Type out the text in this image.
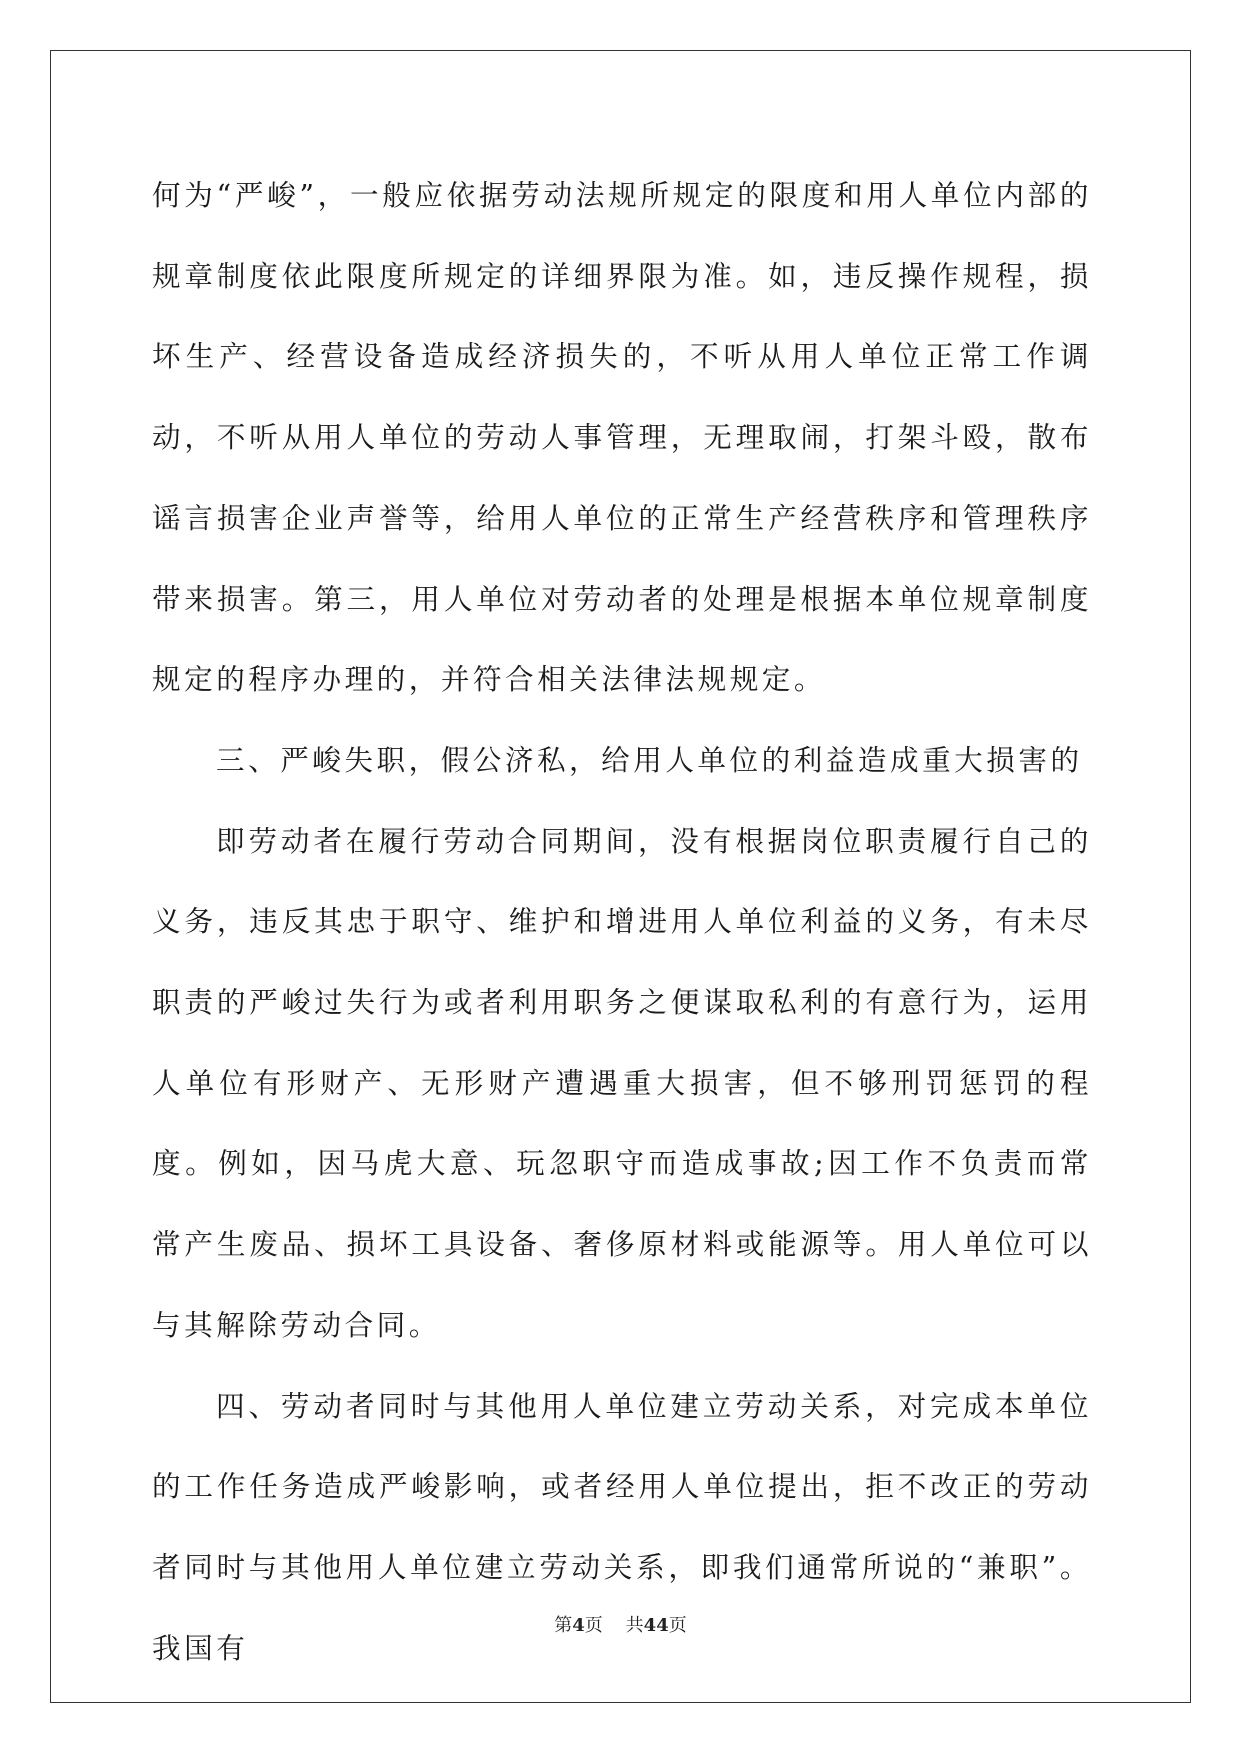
何为“严峻”，一般应依据劳动法规所规定的限度和用人单位内部的规章制度依此限度所规定的详细界限为准。如，违反操作规程，损坏生产、经营设备造成经济损失的，不听从用人单位正常工作调动，不听从用人单位的劳动人事管理，无理取闹，打架斗殴，散布谣言损害企业声誉等，给用人单位的正常生产经营秩序和管理秩序带来损害。第三，用人单位对劳动者的处理是根据本单位规章制度规定的程序办理的，并符合相关法律法规规定。

三、严峻失职，假公济私，给用人单位的利益造成重大损害的

即劳动者在履行劳动合同期间，没有根据岗位职责履行自己的义务，违反其忠于职守、维护和增进用人单位利益的义务，有未尽职责的严峻过失行为或者利用职务之便谋取私利的有意行为，运用人单位有形财产、无形财产遭遇重大损害，但不够刑罚惩罚的程度。例如，因马虎大意、玩忽职守而造成事故;因工作不负责而常常产生废品、损坏工具设备、奢侈原材料或能源等。用人单位可以与其解除劳动合同。

四、劳动者同时与其他用人单位建立劳动关系，对完成本单位的工作任务造成严峻影响，或者经用人单位提出，拒不改正的劳动者同时与其他用人单位建立劳动关系，即我们通常所说的“兼职”。我国有

第4页 共44页
